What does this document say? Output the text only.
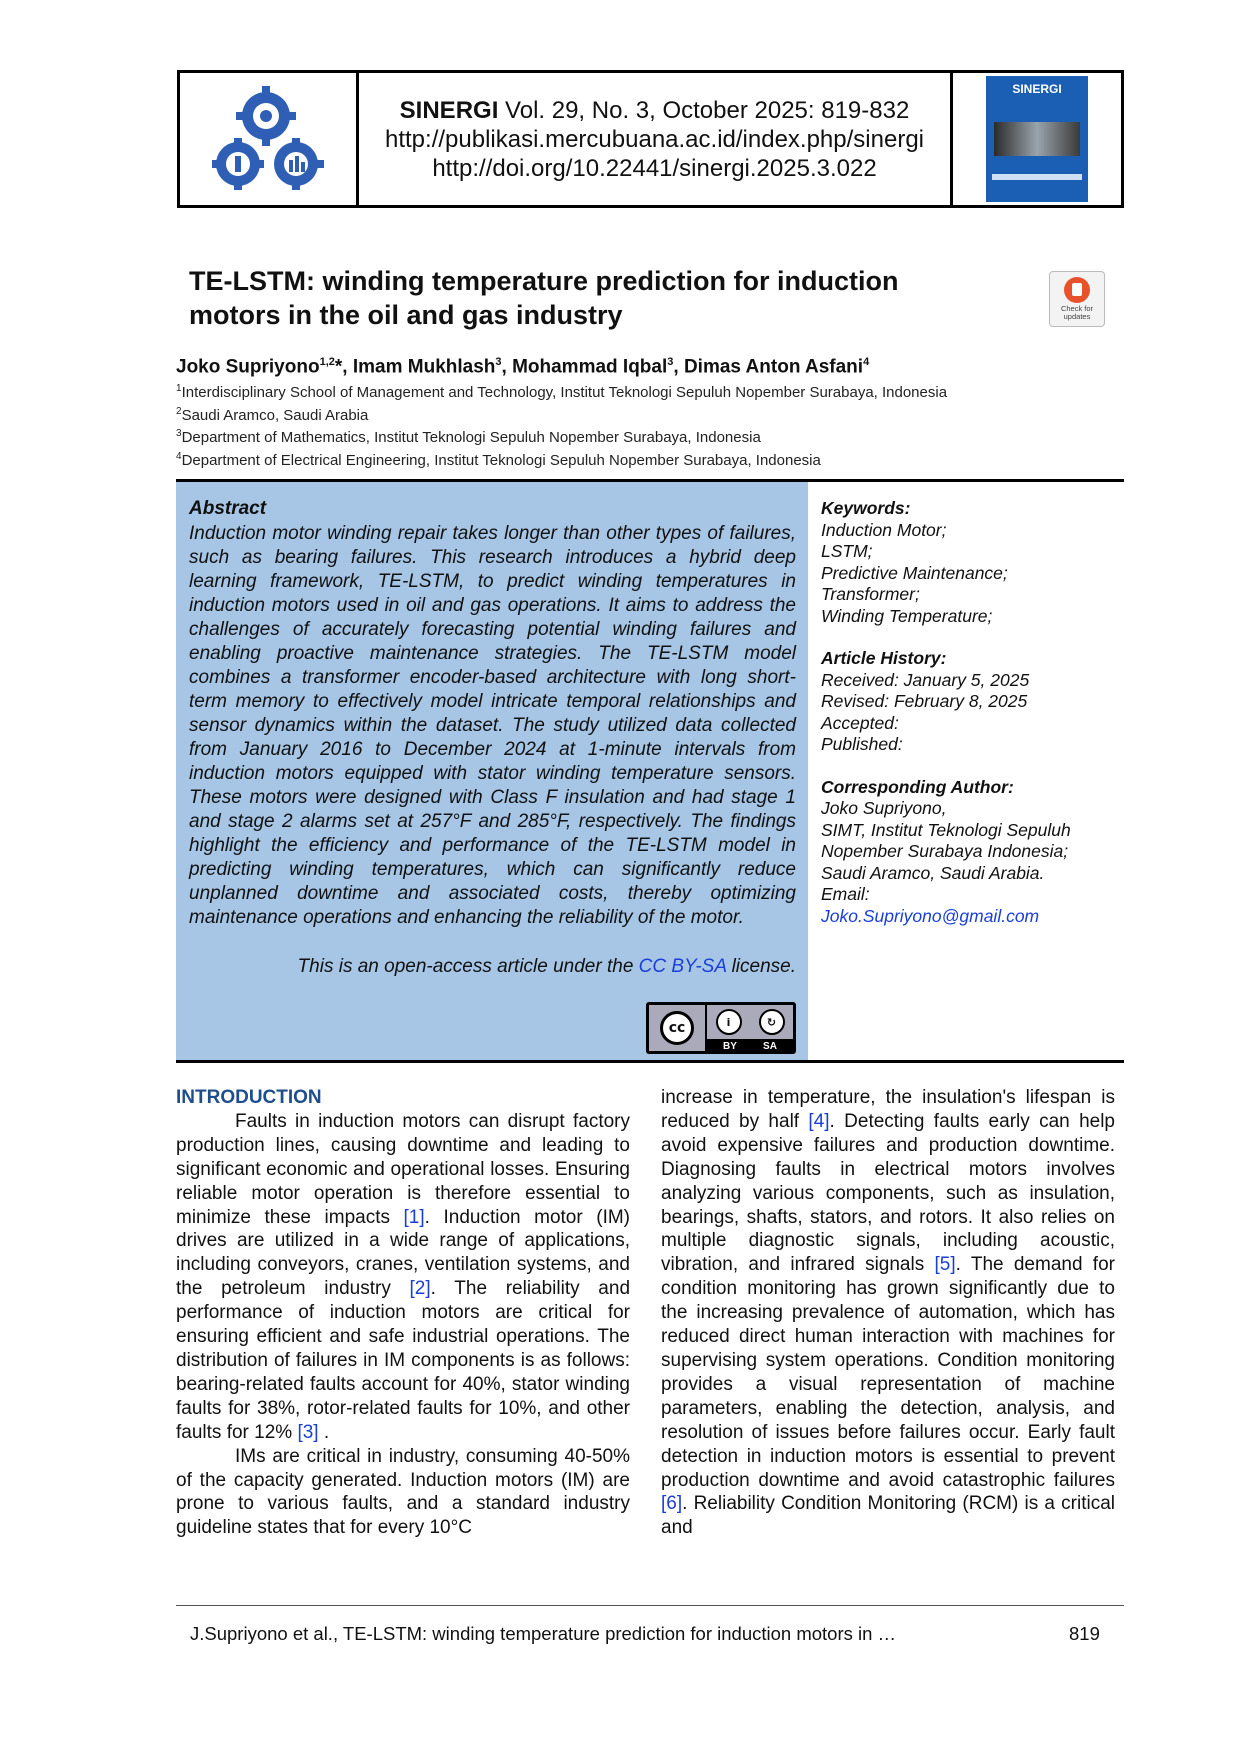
SINERGI Vol. 29, No. 3, October 2025: 819-832
http://publikasi.mercubuana.ac.id/index.php/sinergi
http://doi.org/10.22441/sinergi.2025.3.022
SINERGI
TE-LSTM: winding temperature prediction for induction
motors in the oil and gas industry	Check for updates
Joko Supriyono$^{1,2}$*, Imam Mukhlash$^3$, Mohammad Iqbal$^3$, Dimas Anton Asfani$^4$
$^1$Interdisciplinary School of Management and Technology, Institut Teknologi Sepuluh Nopember Surabaya, Indonesia
$^2$Saudi Aramco, Saudi Arabia
$^3$Department of Mathematics, Institut Teknologi Sepuluh Nopember Surabaya, Indonesia
$^4$Department of Electrical Engineering, Institut Teknologi Sepuluh Nopember Surabaya, Indonesia
Abstract

Induction motor winding repair takes longer than other types of failures, such as bearing failures. This research introduces a hybrid deep learning framework, TE-LSTM, to predict winding temperatures in induction motors used in oil and gas operations. It aims to address the challenges of accurately forecasting potential winding failures and enabling proactive maintenance strategies. The TE-LSTM model combines a transformer encoder-based architecture with long short-term memory to effectively model intricate temporal relationships and sensor dynamics within the dataset. The study utilized data collected from January 2016 to December 2024 at 1-minute intervals from induction motors equipped with stator winding temperature sensors. These motors were designed with Class F insulation and had stage 1 and stage 2 alarms set at 257°F and 285°F, respectively. The findings highlight the efficiency and performance of the TE-LSTM model in predicting winding temperatures, which can significantly reduce unplanned downtime and associated costs, thereby optimizing maintenance operations and enhancing the reliability of the motor.

This is an open-access article under the CC BY-SA license.
cc	i	↻
BY	SA
Keywords:
Induction Motor;
LSTM;
Predictive Maintenance;
Transformer;
Winding Temperature;
Article History:
Received: January 5, 2025
Revised: February 8, 2025
Accepted:
Published:
Corresponding Author:
Joko Supriyono,
SIMT, Institut Teknologi Sepuluh
Nopember Surabaya Indonesia;
Saudi Aramco, Saudi Arabia.
Email:
Joko.Supriyono@gmail.com
INTRODUCTION

Faults in induction motors can disrupt factory production lines, causing downtime and leading to significant economic and operational losses. Ensuring reliable motor operation is therefore essential to minimize these impacts [1]. Induction motor (IM) drives are utilized in a wide range of applications, including conveyors, cranes, ventilation systems, and the petroleum industry [2]. The reliability and performance of induction motors are critical for ensuring efficient and safe industrial operations. The distribution of failures in IM components is as follows: bearing-related faults account for 40%, stator winding faults for 38%, rotor-related faults for 10%, and other faults for 12% [3] .

IMs are critical in industry, consuming 40-50% of the capacity generated. Induction motors (IM) are prone to various faults, and a standard industry guideline states that for every 10°C

increase in temperature, the insulation's lifespan is reduced by half [4]. Detecting faults early can help avoid expensive failures and production downtime. Diagnosing faults in electrical motors involves analyzing various components, such as insulation, bearings, shafts, stators, and rotors. It also relies on multiple diagnostic signals, including acoustic, vibration, and infrared signals [5]. The demand for condition monitoring has grown significantly due to the increasing prevalence of automation, which has reduced direct human interaction with machines for supervising system operations. Condition monitoring provides a visual representation of machine parameters, enabling the detection, analysis, and resolution of issues before failures occur. Early fault detection in induction motors is essential to prevent production downtime and avoid catastrophic failures [6]. Reliability Condition Monitoring (RCM) is a critical and

J.Supriyono et al., TE-LSTM: winding temperature prediction for induction motors in …	819
